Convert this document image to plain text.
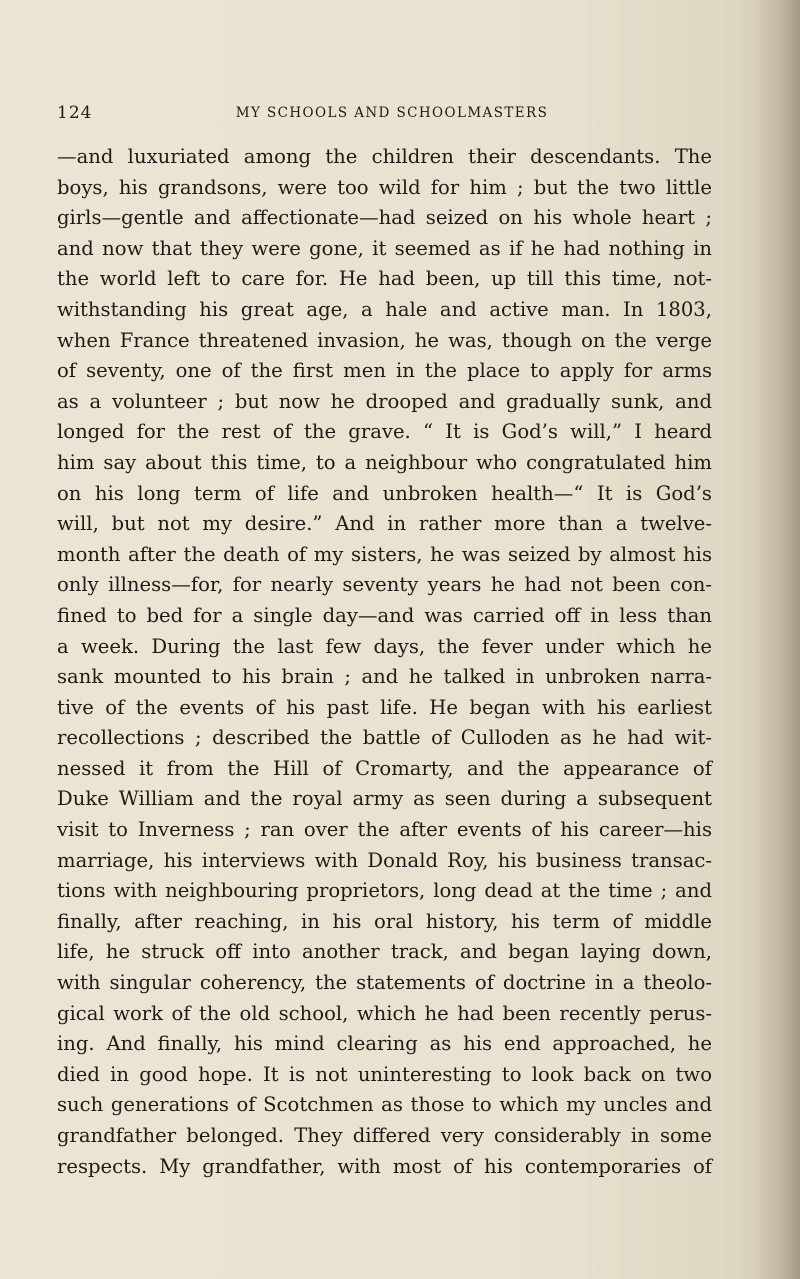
124	MY SCHOOLS AND SCHOOLMASTERS

—and luxuriated among the children their descendants. The
boys, his grandsons, were too wild for him ; but the two little
girls—gentle and affectionate—had seized on his whole heart ;
and now that they were gone, it seemed as if he had nothing in
the world left to care for. He had been, up till this time, not-
withstanding his great age, a hale and active man. In 1803,
when France threatened invasion, he was, though on the verge
of seventy, one of the first men in the place to apply for arms
as a volunteer ; but now he drooped and gradually sunk, and
longed for the rest of the grave. “ It is God’s will,” I heard
him say about this time, to a neighbour who congratulated him
on his long term of life and unbroken health—“ It is God’s
will, but not my desire.” And in rather more than a twelve-
month after the death of my sisters, he was seized by almost his
only illness—for, for nearly seventy years he had not been con-
fined to bed for a single day—and was carried off in less than
a week. During the last few days, the fever under which he
sank mounted to his brain ; and he talked in unbroken narra-
tive of the events of his past life. He began with his earliest
recollections ; described the battle of Culloden as he had wit-
nessed it from the Hill of Cromarty, and the appearance of
Duke William and the royal army as seen during a subsequent
visit to Inverness ; ran over the after events of his career—his
marriage, his interviews with Donald Roy, his business transac-
tions with neighbouring proprietors, long dead at the time ; and
finally, after reaching, in his oral history, his term of middle
life, he struck off into another track, and began laying down,
with singular coherency, the statements of doctrine in a theolo-
gical work of the old school, which he had been recently perus-
ing. And finally, his mind clearing as his end approached, he
died in good hope. It is not uninteresting to look back on two
such generations of Scotchmen as those to which my uncles and
grandfather belonged. They differed very considerably in some
respects. My grandfather, with most of his contemporaries of
